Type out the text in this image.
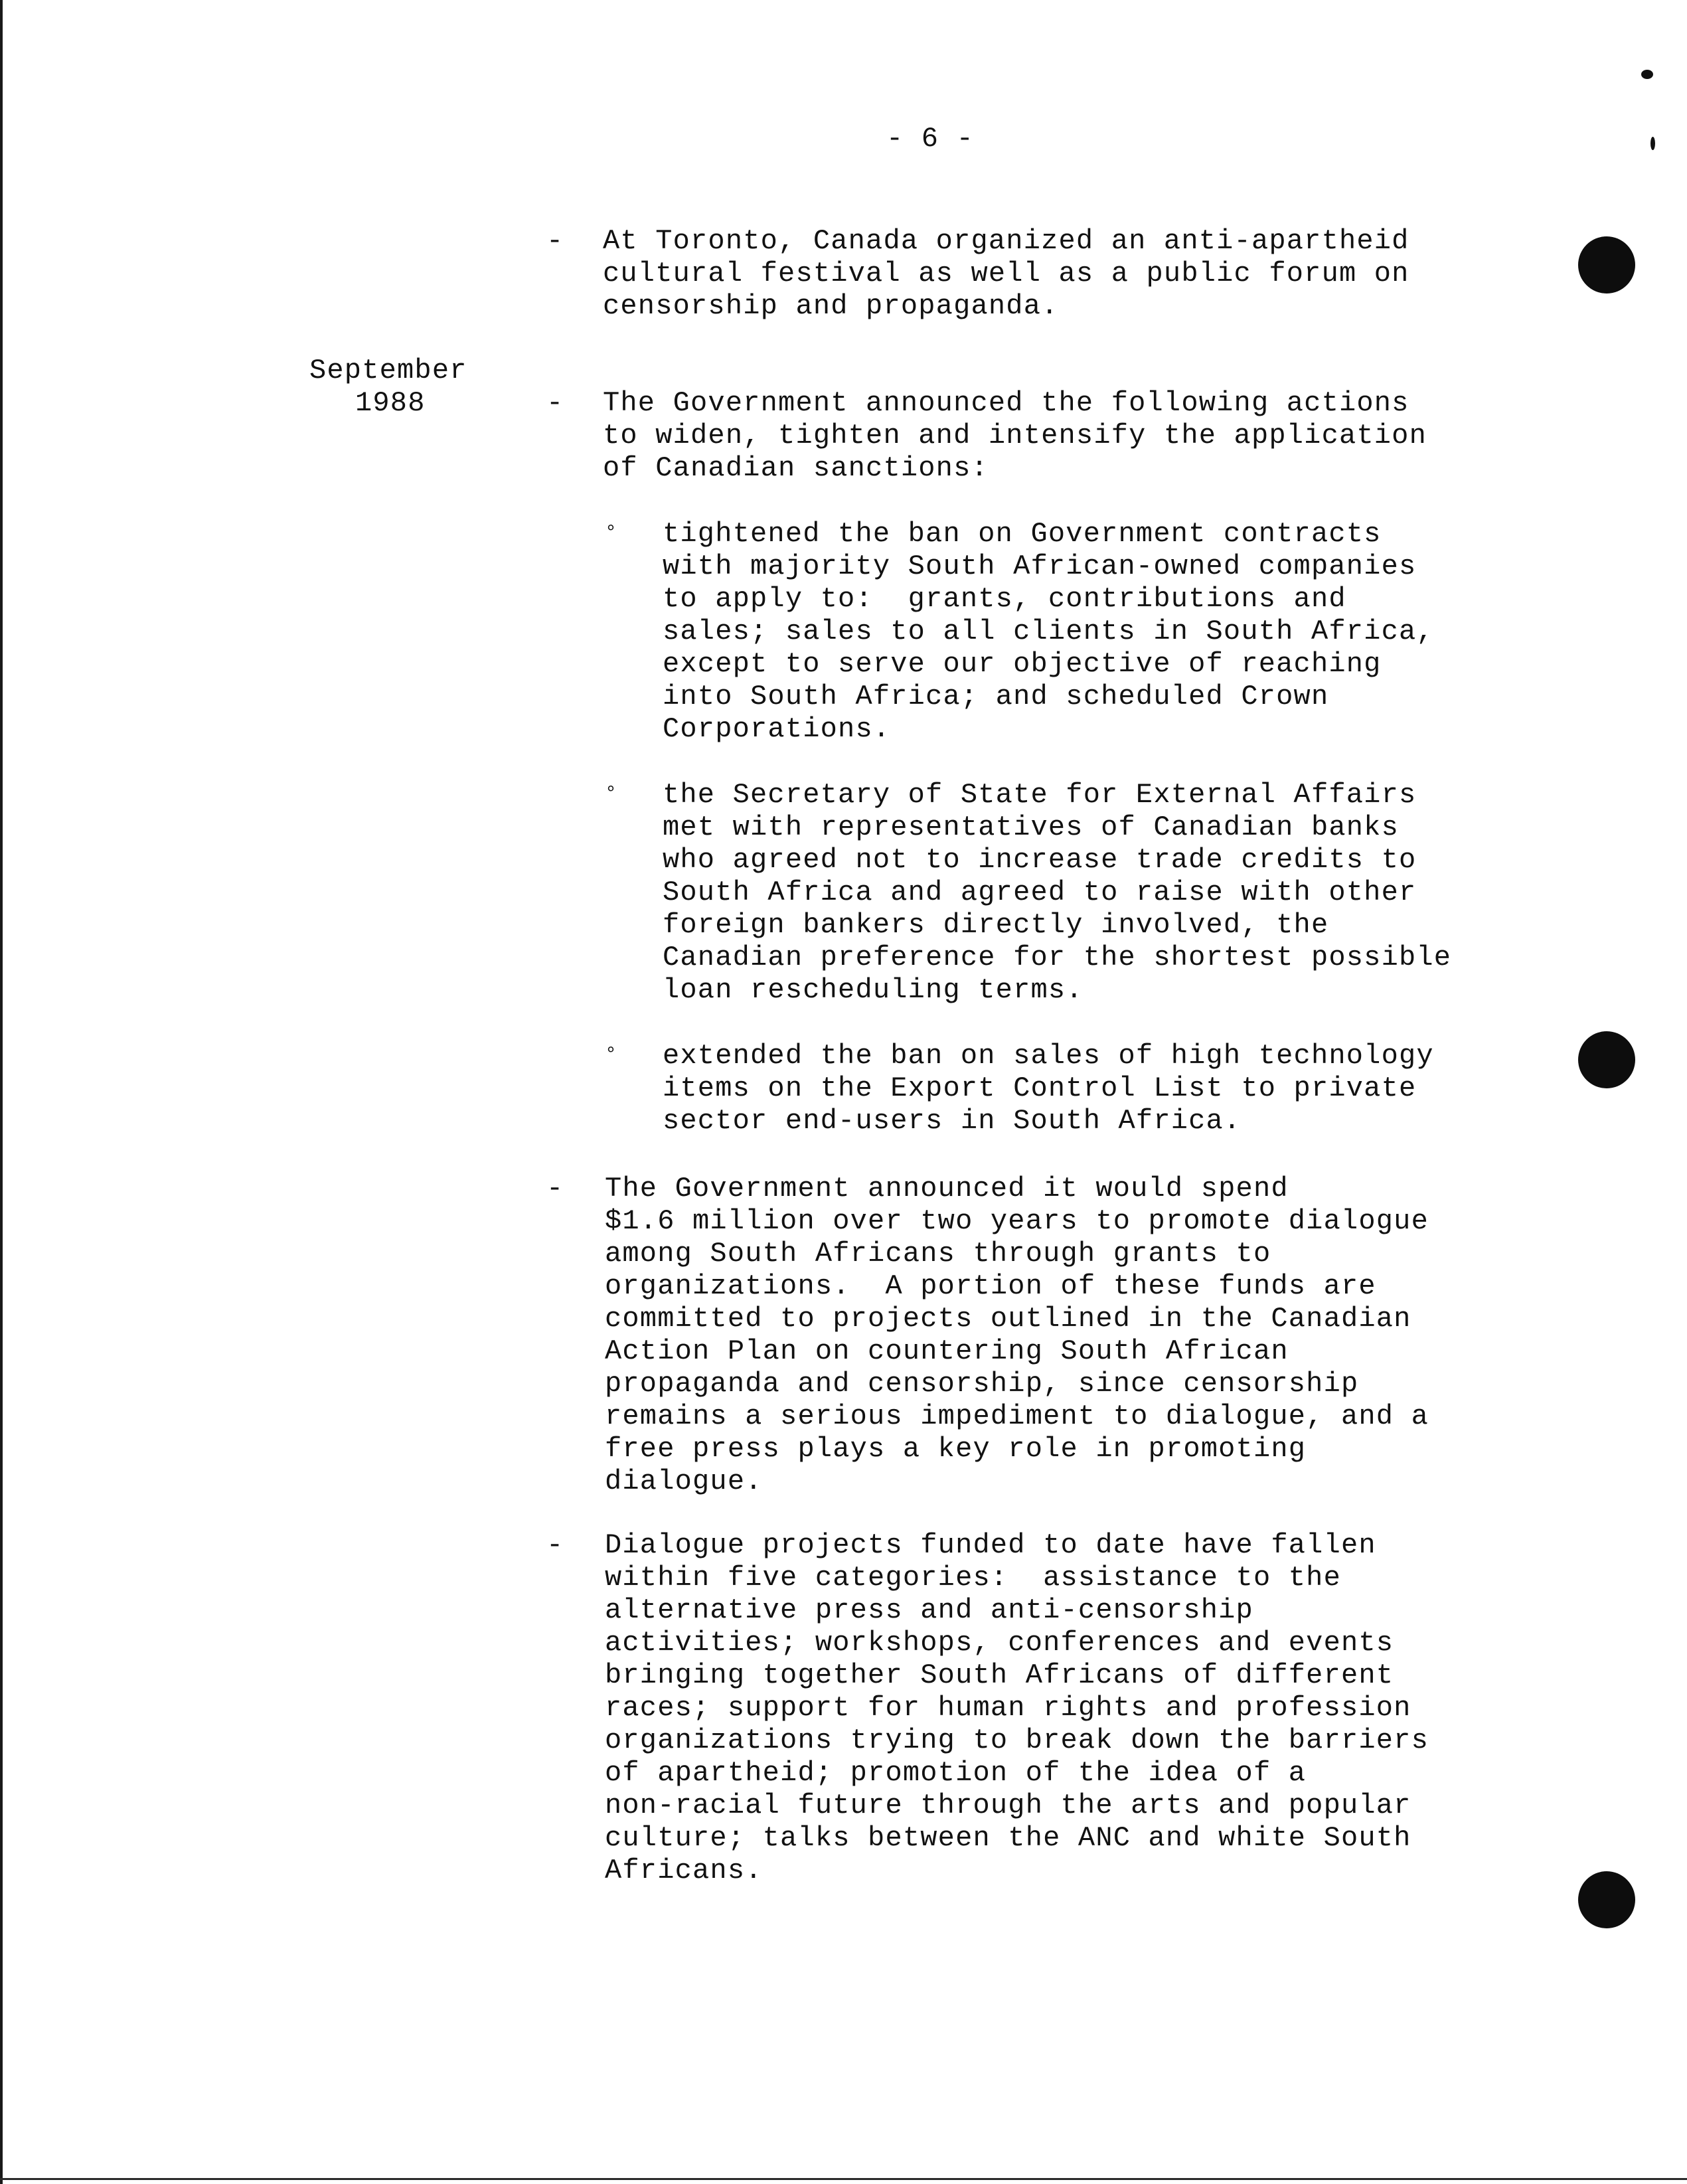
- 6 -

September

1988

- At Toronto, Canada organized an anti-apartheid

cultural festival as well as a public forum on

censorship and propaganda.

- The Government announced the following actions

to widen, tighten and intensify the application

of Canadian sanctions:

° tightened the ban on Government contracts

with majority South African-owned companies

to apply to:  grants, contributions and

sales; sales to all clients in South Africa,

except to serve our objective of reaching

into South Africa; and scheduled Crown

Corporations.

° the Secretary of State for External Affairs

met with representatives of Canadian banks

who agreed not to increase trade credits to

South Africa and agreed to raise with other

foreign bankers directly involved, the

Canadian preference for the shortest possible

loan rescheduling terms.

° extended the ban on sales of high technology

items on the Export Control List to private

sector end-users in South Africa.

- The Government announced it would spend

$1.6 million over two years to promote dialogue

among South Africans through grants to

organizations.  A portion of these funds are

committed to projects outlined in the Canadian

Action Plan on countering South African

propaganda and censorship, since censorship

remains a serious impediment to dialogue, and a

free press plays a key role in promoting

dialogue.

- Dialogue projects funded to date have fallen

within five categories:  assistance to the

alternative press and anti-censorship

activities; workshops, conferences and events

bringing together South Africans of different

races; support for human rights and profession

organizations trying to break down the barriers

of apartheid; promotion of the idea of a

non-racial future through the arts and popular

culture; talks between the ANC and white South

Africans.
